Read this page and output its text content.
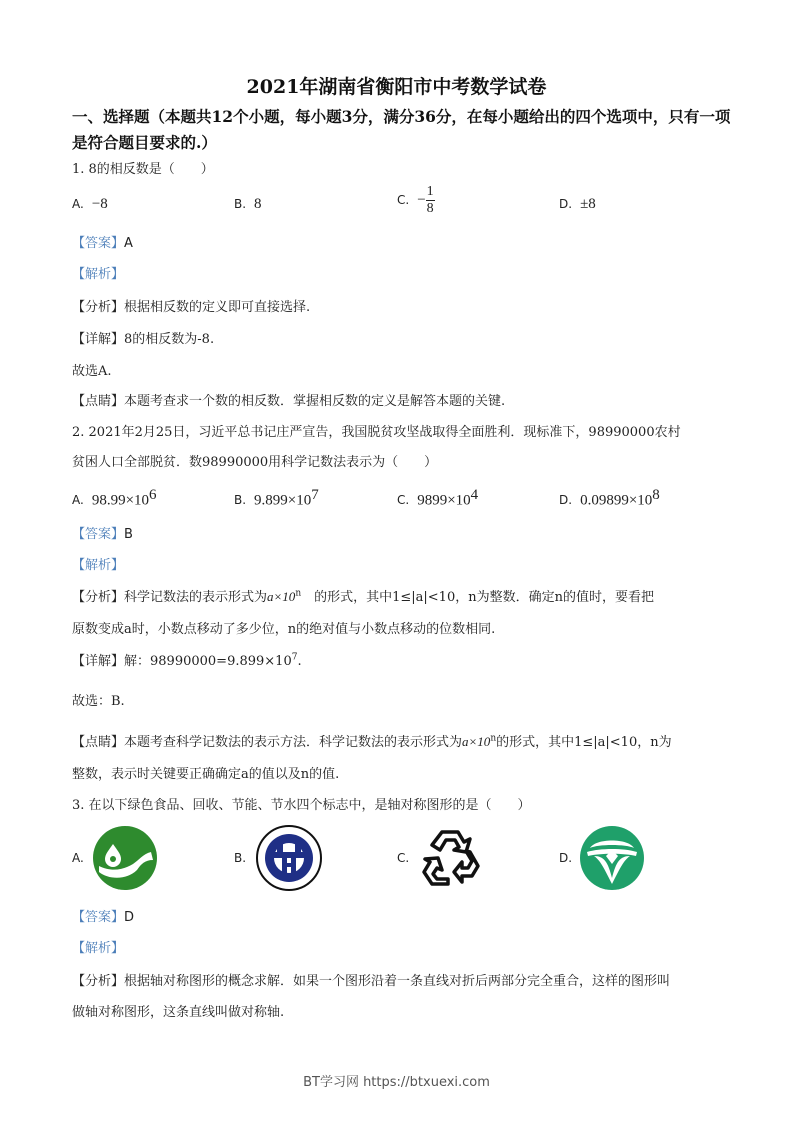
2021年湖南省衡阳市中考数学试卷
一、选择题（本题共12个小题，每小题3分，满分36分，在每小题给出的四个选项中，只有一项是符合题目要求的.）
1. 8的相反数是（　　）
A. −8	B. 8	C. − $\frac{1}{8}$	D. ±8
【答案】A
【解析】
【分析】根据相反数的定义即可直接选择.
【详解】8的相反数为-8.
故选A.
【点睛】本题考查求一个数的相反数．掌握相反数的定义是解答本题的关键.
2. 2021年2月25日，习近平总书记庄严宣告，我国脱贫攻坚战取得全面胜利．现标准下，98990000农村
贫困人口全部脱贫．数98990000用科学记数法表示为（　　）
A. $98.99\times 10^6$	B. $9.899\times 10^7$	C. $9899\times 10^4$	D. $0.09899\times 10^8$
【答案】B
【解析】
【分析】科学记数法的表示形式为$a\times 10^n$　的形式，其中1≤|a|<10，n为整数．确定n的值时，要看把
原数变成a时，小数点移动了多少位，n的绝对值与小数点移动的位数相同.
【详解】解：$98990000=9.899\times 10^7$.
故选：B.
【点睛】本题考查科学记数法的表示方法．科学记数法的表示形式为$a\times 10^n$的形式，其中1≤|a|<10，n为
整数，表示时关键要正确确定a的值以及n的值.
3. 在以下绿色食品、回收、节能、节水四个标志中，是轴对称图形的是（　　）
A.	B.	C.	D.
【答案】D
【解析】
【分析】根据轴对称图形的概念求解．如果一个图形沿着一条直线对折后两部分完全重合，这样的图形叫
做轴对称图形，这条直线叫做对称轴.
BT学习网 https://btxuexi.com
